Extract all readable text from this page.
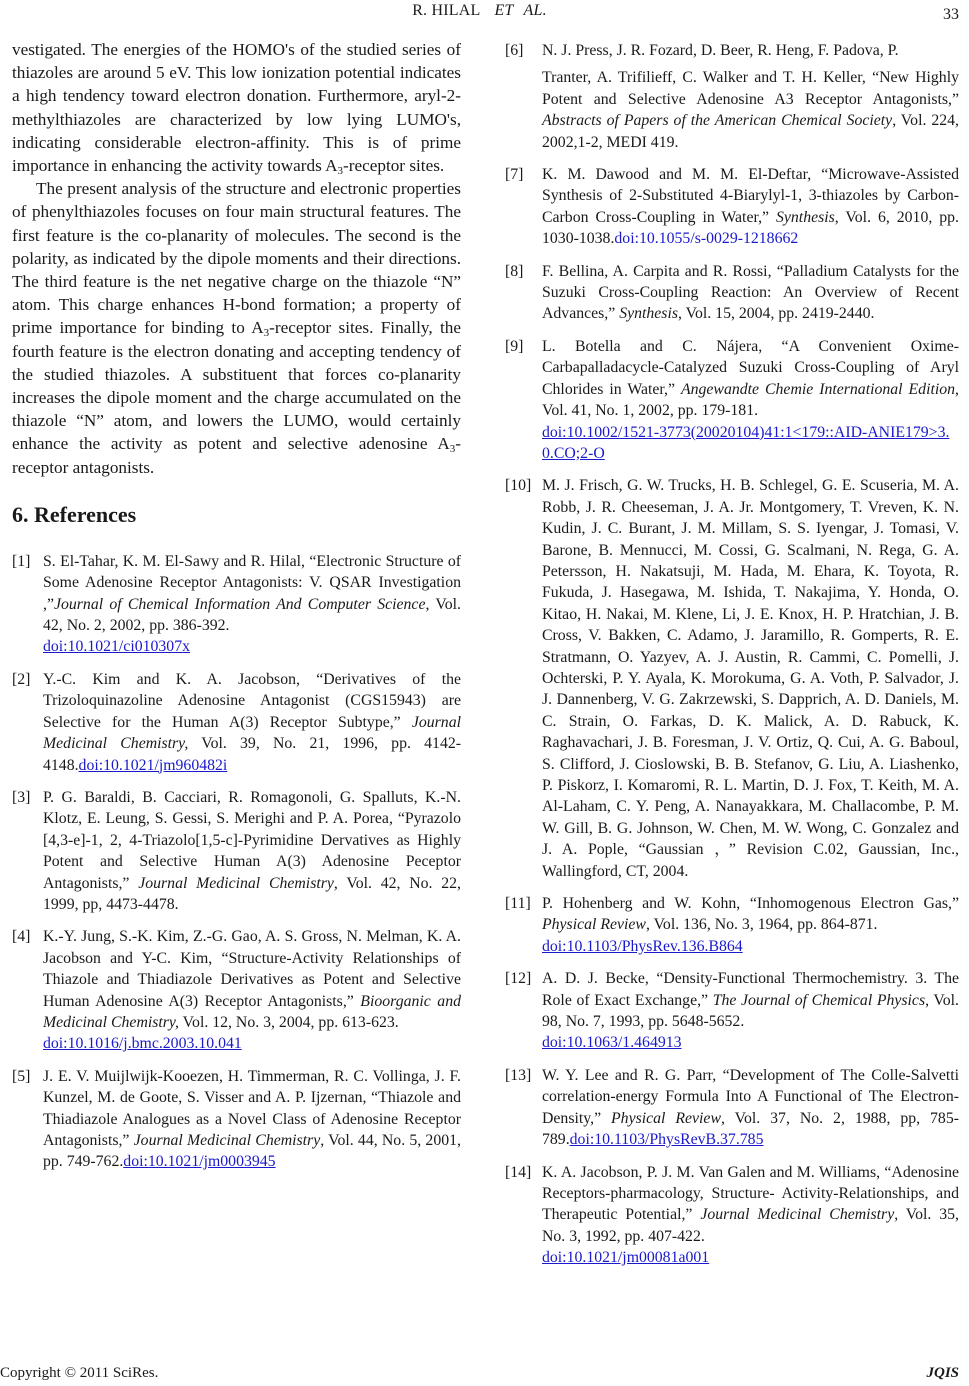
R. HILAL ET AL.	33

vestigated. The energies of the HOMO's of the studied series of thiazoles are around 5 eV. This low ionization potential indicates a high tendency toward electron donation. Furthermore, aryl-2-methylthiazoles are characterized by low lying LUMO's, indicating considerable electron-affinity. This is of prime importance in enhancing the activity towards $A_3$-receptor sites.

The present analysis of the structure and electronic properties of phenylthiazoles focuses on four main structural features. The first feature is the co-planarity of molecules. The second is the polarity, as indicated by the dipole moments and their directions. The third feature is the net negative charge on the thiazole “N” atom. This charge enhances H-bond formation; a property of prime importance for binding to $A_3$-receptor sites. Finally, the fourth feature is the electron donating and accepting tendency of the studied thiazoles. A substituent that forces co-planarity increases the dipole moment and the charge accumulated on the thiazole “N” atom, and lowers the LUMO, would certainly enhance the activity as potent and selective adenosine $A_3$-receptor antagonists.

6. References
[1] S. El-Tahar, K. M. El-Sawy and R. Hilal, “Electronic Structure of Some Adenosine Receptor Antagonists: V. QSAR Investigation ,”Journal of Chemical Information And Computer Science, Vol. 42, No. 2, 2002, pp. 386-392.
doi:10.1021/ci010307x
[2] Y.-C. Kim and K. A. Jacobson, “Derivatives of the Trizoloquinazoline Adenosine Antagonist (CGS15943) are Selective for the Human A(3) Receptor Subtype,” Journal Medicinal Chemistry, Vol. 39, No. 21, 1996, pp. 4142-4148.doi:10.1021/jm960482i
[3] P. G. Baraldi, B. Cacciari, R. Romagonoli, G. Spalluts, K.-N. Klotz, E. Leung, S. Gessi, S. Merighi and P. A. Porea, “Pyrazolo [4,3-e]-1, 2, 4-Triazolo[1,5-c]-Pyrimidine Dervatives as Highly Potent and Selective Human A(3) Adenosine Peceptor Antagonists,” Journal Medicinal Chemistry, Vol. 42, No. 22, 1999, pp, 4473-4478.
[4] K.-Y. Jung, S.-K. Kim, Z.-G. Gao, A. S. Gross, N. Melman, K. A. Jacobson and Y-C. Kim, “Structure-Activity Relationships of Thiazole and Thiadiazole Derivatives as Potent and Selective Human Adenosine A(3) Receptor Antagonists,” Bioorganic and Medicinal Chemistry, Vol. 12, No. 3, 2004, pp. 613-623.
doi:10.1016/j.bmc.2003.10.041
[5] J. E. V. Muijlwijk-Kooezen, H. Timmerman, R. C. Vollinga, J. F. Kunzel, M. de Goote, S. Visser and A. P. Ijzernan, “Thiazole and Thiadiazole Analogues as a Novel Class of Adenosine Receptor Antagonists,” Journal Medicinal Chemistry, Vol. 44, No. 5, 2001, pp. 749-762.doi:10.1021/jm0003945
[6]	N. J. Press, J. R. Fozard, D. Beer, R. Heng, F. Padova, P.
Tranter, A. Trifilieff, C. Walker and T. H. Keller, “New Highly Potent and Selective Adenosine A3 Receptor Antagonists,” Abstracts of Papers of the American Chemical Society, Vol. 224, 2002,1-2, MEDI 419.
[7]	K. M. Dawood and M. M. El-Deftar, “Microwave-Assisted Synthesis of 2-Substituted 4-Biarylyl-1, 3-thiazoles by Carbon-Carbon Cross-Coupling in Water,” Synthesis, Vol. 6, 2010, pp. 1030-1038.doi:10.1055/s-0029-1218662
[8]	F. Bellina, A. Carpita and R. Rossi, “Palladium Catalysts for the Suzuki Cross-Coupling Reaction: An Overview of Recent Advances,” Synthesis, Vol. 15, 2004, pp. 2419-2440.
[9]	L. Botella and C. Nájera, “A Convenient Oxime-Carbapalladacycle-Catalyzed Suzuki Cross-Coupling of Aryl Chlorides in Water,” Angewandte Chemie International Edition, Vol. 41, No. 1, 2002, pp. 179-181.
doi:10.1002/1521-3773(20020104)41:1<179::AID-ANIE179>3.0.CO;2-O
[10] M. J. Frisch, G. W. Trucks, H. B. Schlegel, G. E. Scuseria, M. A. Robb, J. R. Cheeseman, J. A. Jr. Montgomery, T. Vreven, K. N. Kudin, J. C. Burant, J. M. Millam, S. S. Iyengar, J. Tomasi, V. Barone, B. Mennucci, M. Cossi, G. Scalmani, N. Rega, G. A. Petersson, H. Nakatsuji, M. Hada, M. Ehara, K. Toyota, R. Fukuda, J. Hasegawa, M. Ishida, T. Nakajima, Y. Honda, O. Kitao, H. Nakai, M. Klene, Li, J. E. Knox, H. P. Hratchian, J. B. Cross, V. Bakken, C. Adamo, J. Jaramillo, R. Gomperts, R. E. Stratmann, O. Yazyev, A. J. Austin, R. Cammi, C. Pomelli, J. Ochterski, P. Y. Ayala, K. Morokuma, G. A. Voth, P. Salvador, J. J. Dannenberg, V. G. Zakrzewski, S. Dapprich, A. D. Daniels, M. C. Strain, O. Farkas, D. K. Malick, A. D. Rabuck, K. Raghavachari, J. B. Foresman, J. V. Ortiz, Q. Cui, A. G. Baboul, S. Clifford, J. Cioslowski, B. B. Stefanov, G. Liu, A. Liashenko, P. Piskorz, I. Komaromi, R. L. Martin, D. J. Fox, T. Keith, M. A. Al-Laham, C. Y. Peng, A. Nanayakkara, M. Challacombe, P. M. W. Gill, B. G. Johnson, W. Chen, M. W. Wong, C. Gonzalez and J. A. Pople, “Gaussian ，” Revision C.02, Gaussian, Inc., Wallingford, CT, 2004.
[11] P. Hohenberg and W. Kohn, “Inhomogenous Electron Gas,” Physical Review, Vol. 136, No. 3, 1964, pp. 864-871.
doi:10.1103/PhysRev.136.B864
[12] A. D. J. Becke, “Density-Functional Thermochemistry. 3. The Role of Exact Exchange,” The Journal of Chemical Physics, Vol. 98, No. 7, 1993, pp. 5648-5652.
doi:10.1063/1.464913
[13] W. Y. Lee and R. G. Parr, “Development of The Colle-Salvetti correlation-energy Formula Into A Functional of The Electron-Density,” Physical Review, Vol. 37, No. 2, 1988, pp, 785-789.doi:10.1103/PhysRevB.37.785
[14] K. A. Jacobson, P. J. M. Van Galen and M. Williams, “Adenosine Receptors-pharmacology, Structure- Activity-Relationships, and Therapeutic Potential,” Journal Medicinal Chemistry, Vol. 35, No. 3, 1992, pp. 407-422.
doi:10.1021/jm00081a001
Copyright © 2011 SciRes.	JQIS
